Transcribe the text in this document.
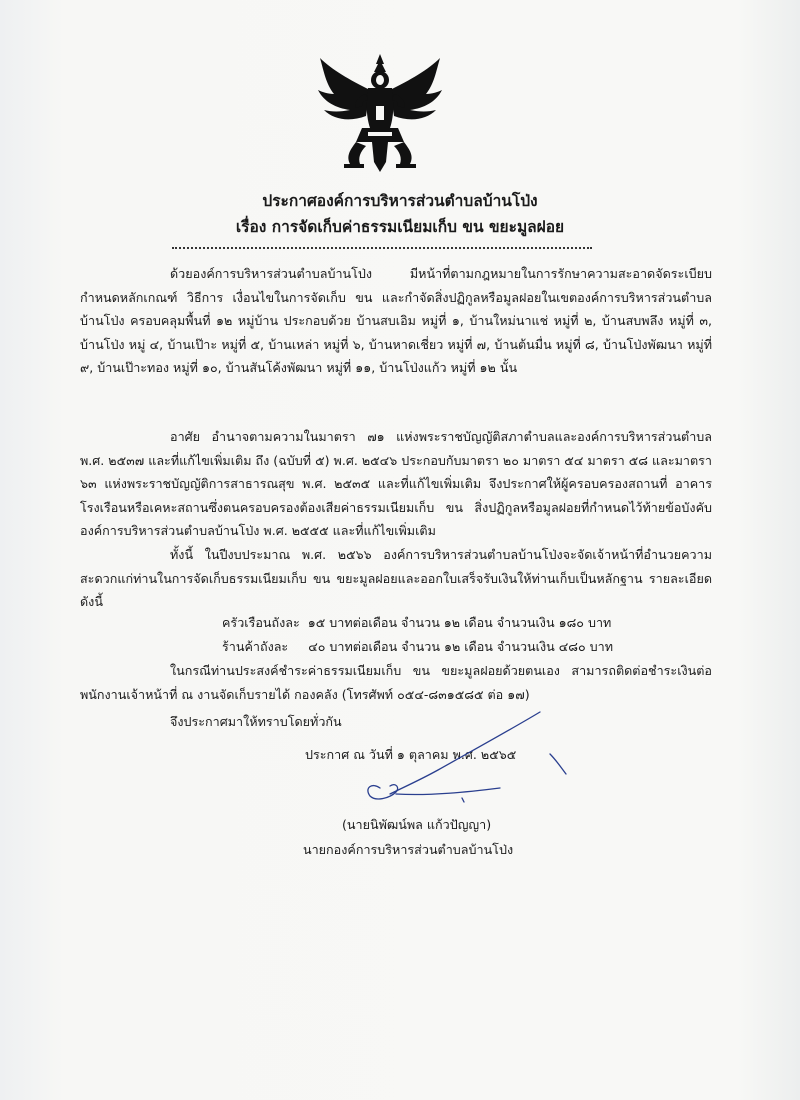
ประกาศองค์การบริหารส่วนตำบลบ้านโป่ง
เรื่อง การจัดเก็บค่าธรรมเนียมเก็บ ขน ขยะมูลฝอย
ด้วยองค์การบริหารส่วนตำบลบ้านโป่ง มีหน้าที่ตามกฎหมายในการรักษาความสะอาดจัดระเบียบ กำหนดหลักเกณฑ์ วิธีการ เงื่อนไขในการจัดเก็บ ขน และกำจัดสิ่งปฏิกูลหรือมูลฝอยในเขตองค์การบริหารส่วนตำบลบ้านโป่ง ครอบคลุมพื้นที่ ๑๒ หมู่บ้าน ประกอบด้วย บ้านสบเอิม หมู่ที่ ๑, บ้านใหม่นาแช่ หมู่ที่ ๒, บ้านสบพลึง หมู่ที่ ๓, บ้านโป่ง หมู่ ๔, บ้านเป๊าะ หมู่ที่ ๕, บ้านเหล่า หมู่ที่ ๖, บ้านหาดเชี่ยว หมู่ที่ ๗, บ้านต้นมื่น หมู่ที่ ๘, บ้านโป่งพัฒนา หมู่ที่ ๙, บ้านเป๊าะทอง หมู่ที่ ๑๐, บ้านสันโค้งพัฒนา หมู่ที่ ๑๑, บ้านโป่งแก้ว หมู่ที่ ๑๒ นั้น
อาศัย อำนาจตามความในมาตรา ๗๑ แห่งพระราชบัญญัติสภาตำบลและองค์การบริหารส่วนตำบล พ.ศ. ๒๕๓๗ และที่แก้ไขเพิ่มเติม ถึง (ฉบับที่ ๕) พ.ศ. ๒๕๔๖ ประกอบกับมาตรา ๒๐ มาตรา ๕๔ มาตรา ๕๘ และมาตรา ๖๓ แห่งพระราชบัญญัติการสาธารณสุข พ.ศ. ๒๕๓๕ และที่แก้ไขเพิ่มเติม จึงประกาศให้ผู้ครอบครองสถานที่ อาคาร โรงเรือนหรือเคหะสถานซึ่งตนครอบครองต้องเสียค่าธรรมเนียมเก็บ ขน สิ่งปฏิกูลหรือมูลฝอยที่กำหนดไว้ท้ายข้อบังคับองค์การบริหารส่วนตำบลบ้านโป่ง พ.ศ. ๒๕๕๕ และที่แก้ไขเพิ่มเติม
ทั้งนี้ ในปีงบประมาณ พ.ศ. ๒๕๖๖ องค์การบริหารส่วนตำบลบ้านโป่งจะจัดเจ้าหน้าที่อำนวยความสะดวกแก่ท่านในการจัดเก็บธรรมเนียมเก็บ ขน ขยะมูลฝอยและออกใบเสร็จรับเงินให้ท่านเก็บเป็นหลักฐาน รายละเอียดดังนี้
ครัวเรือนถังละ  ๑๕ บาทต่อเดือน จำนวน ๑๒ เดือน จำนวนเงิน ๑๘๐ บาท
ร้านค้าถังละ     ๔๐ บาทต่อเดือน จำนวน ๑๒ เดือน จำนวนเงิน ๔๘๐ บาท
ในกรณีท่านประสงค์ชำระค่าธรรมเนียมเก็บ ขน ขยะมูลฝอยด้วยตนเอง สามารถติดต่อชำระเงินต่อพนักงานเจ้าหน้าที่ ณ งานจัดเก็บรายได้ กองคลัง (โทรศัพท์ ๐๕๔-๘๓๑๕๘๕ ต่อ ๑๗)
จึงประกาศมาให้ทราบโดยทั่วกัน
ประกาศ ณ วันที่ ๑ ตุลาคม พ.ศ. ๒๕๖๕
(นายนิพัฒน์พล แก้วปัญญา)
นายกองค์การบริหารส่วนตำบลบ้านโป่ง
